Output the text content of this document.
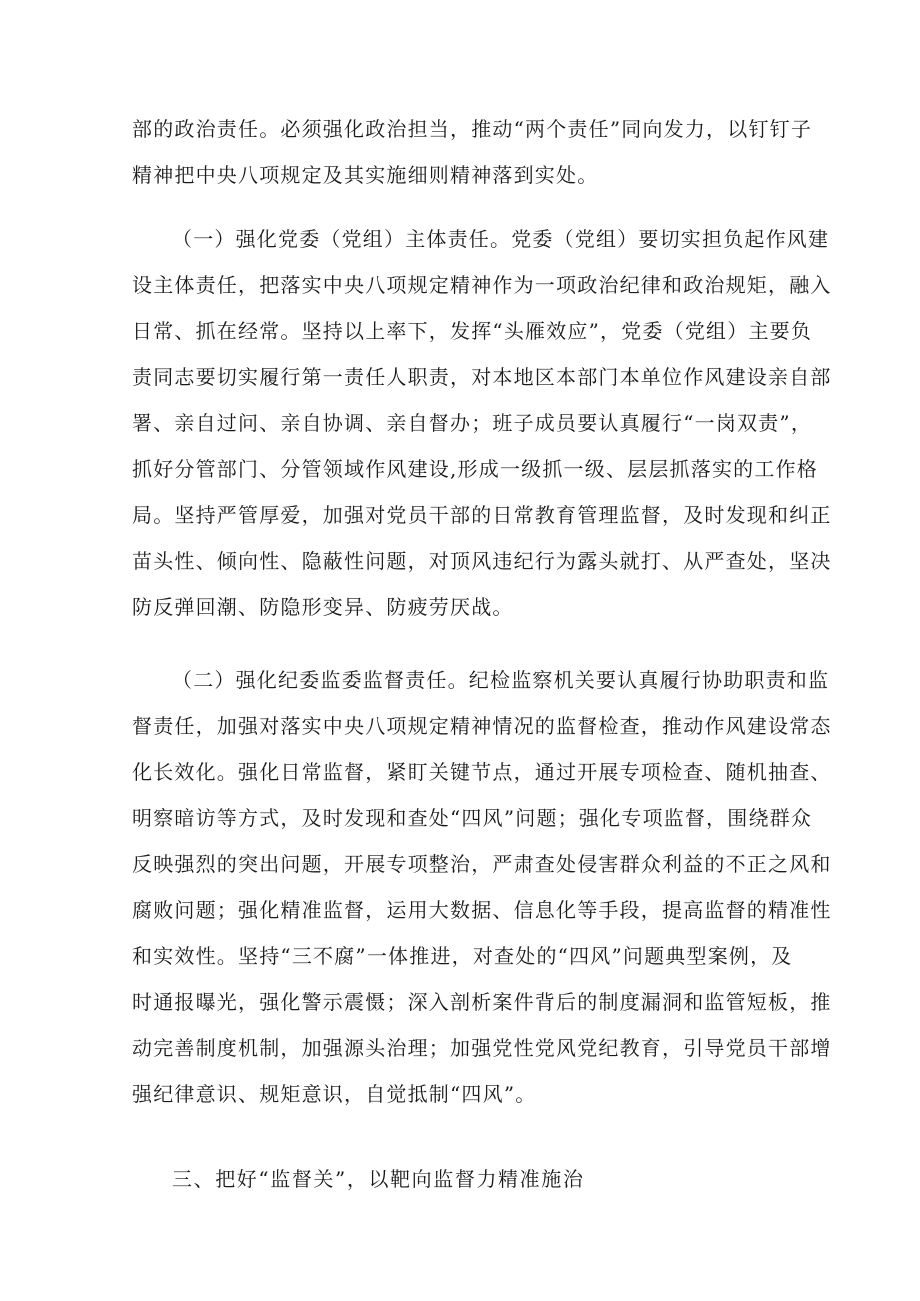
部的政治责任。必须强化政治担当，推动“两个责任”同向发力，以钉钉子
精神把中央八项规定及其实施细则精神落到实处。
（一）强化党委（党组）主体责任。党委（党组）要切实担负起作风建
设主体责任，把落实中央八项规定精神作为一项政治纪律和政治规矩，融入
日常、抓在经常。坚持以上率下，发挥“头雁效应”，党委（党组）主要负
责同志要切实履行第一责任人职责，对本地区本部门本单位作风建设亲自部
署、亲自过问、亲自协调、亲自督办；班子成员要认真履行“一岗双责”，
抓好分管部门、分管领域作风建设,形成一级抓一级、层层抓落实的工作格
局。坚持严管厚爱，加强对党员干部的日常教育管理监督，及时发现和纠正
苗头性、倾向性、隐蔽性问题，对顶风违纪行为露头就打、从严查处，坚决
防反弹回潮、防隐形变异、防疲劳厌战。
（二）强化纪委监委监督责任。纪检监察机关要认真履行协助职责和监
督责任，加强对落实中央八项规定精神情况的监督检查，推动作风建设常态
化长效化。强化日常监督，紧盯关键节点，通过开展专项检查、随机抽查、
明察暗访等方式，及时发现和查处“四风”问题；强化专项监督，围绕群众
反映强烈的突出问题，开展专项整治，严肃查处侵害群众利益的不正之风和
腐败问题；强化精准监督，运用大数据、信息化等手段，提高监督的精准性
和实效性。坚持“三不腐”一体推进，对查处的“四风”问题典型案例，及
时通报曝光，强化警示震慑；深入剖析案件背后的制度漏洞和监管短板，推
动完善制度机制，加强源头治理；加强党性党风党纪教育，引导党员干部增
强纪律意识、规矩意识，自觉抵制“四风”。
三、把好“监督关”，以靶向监督力精准施治
